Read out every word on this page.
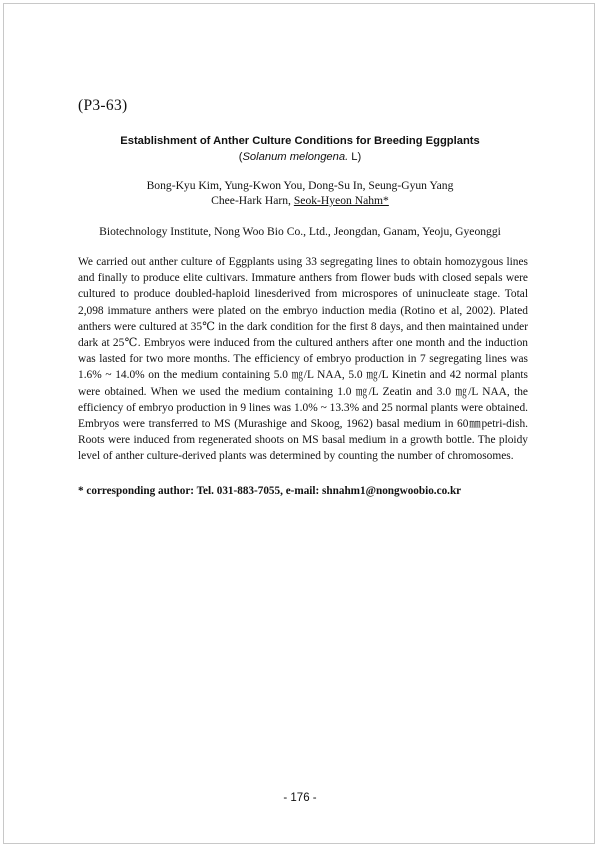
(P3-63)
Establishment of Anther Culture Conditions for Breeding Eggplants
(Solanum melongena. L)
Bong-Kyu Kim, Yung-Kwon You, Dong-Su In, Seung-Gyun Yang
Chee-Hark Harn, Seok-Hyeon Nahm*
Biotechnology Institute, Nong Woo Bio Co., Ltd., Jeongdan, Ganam, Yeoju, Gyeonggi
We carried out anther culture of Eggplants using 33 segregating lines to obtain homozygous lines and finally to produce elite cultivars. Immature anthers from flower buds with closed sepals were cultured to produce doubled-haploid linesderived from microspores of uninucleate stage. Total 2,098 immature anthers were plated on the embryo induction media (Rotino et al, 2002). Plated anthers were cultured at 35℃ in the dark condition for the first 8 days, and then maintained under dark at 25℃. Embryos were induced from the cultured anthers after one month and the induction was lasted for two more months. The efficiency of embryo production in 7 segregating lines was 1.6% ~ 14.0% on the medium containing 5.0 ㎎/L NAA, 5.0 ㎎/L Kinetin and 42 normal plants were obtained. When we used the medium containing 1.0 ㎎/L Zeatin and 3.0 ㎎/L NAA, the efficiency of embryo production in 9 lines was 1.0% ~ 13.3% and 25 normal plants were obtained. Embryos were transferred to MS (Murashige and Skoog, 1962) basal medium in 60㎜petri-dish. Roots were induced from regenerated shoots on MS basal medium in a growth bottle. The ploidy level of anther culture-derived plants was determined by counting the number of chromosomes.
* corresponding author: Tel. 031-883-7055, e-mail: shnahm1@nongwoobio.co.kr
- 176 -
